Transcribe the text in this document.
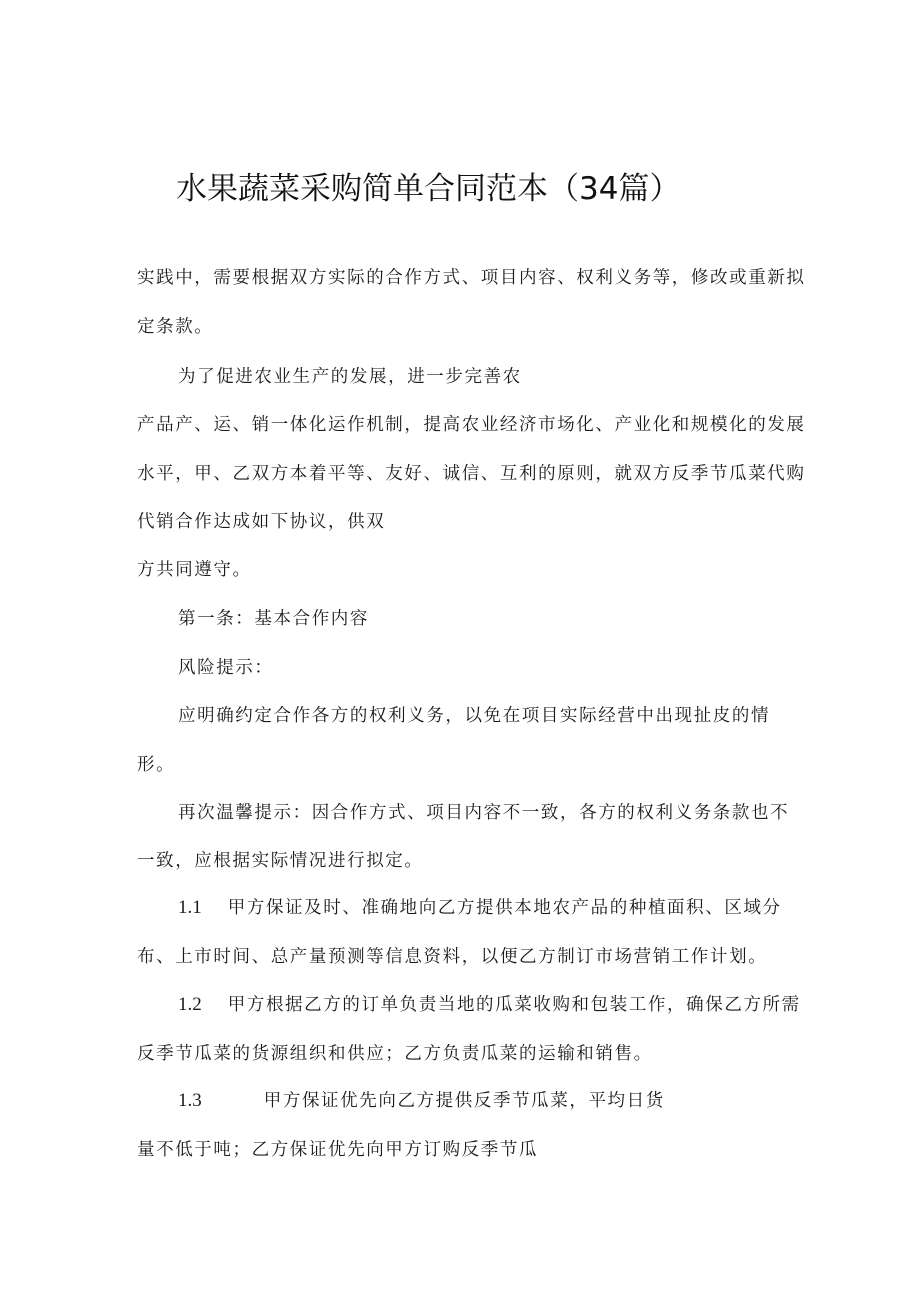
水果蔬菜采购简单合同范本（34篇）
实践中，需要根据双方实际的合作方式、项目内容、权利义务等，修改或重新拟
定条款。
为了促进农业生产的发展，进一步完善农
产品产、运、销一体化运作机制，提高农业经济市场化、产业化和规模化的发展
水平，甲、乙双方本着平等、友好、诚信、互利的原则，就双方反季节瓜菜代购
代销合作达成如下协议，供双
方共同遵守。
第一条：基本合作内容
风险提示：
应明确约定合作各方的权利义务，以免在项目实际经营中出现扯皮的情
形。
再次温馨提示：因合作方式、项目内容不一致，各方的权利义务条款也不
一致，应根据实际情况进行拟定。
1.1 甲方保证及时、准确地向乙方提供本地农产品的种植面积、区域分
布、上市时间、总产量预测等信息资料，以便乙方制订市场营销工作计划。
1.2 甲方根据乙方的订单负责当地的瓜菜收购和包装工作，确保乙方所需
反季节瓜菜的货源组织和供应；乙方负责瓜菜的运输和销售。
1.3	甲方保证优先向乙方提供反季节瓜菜，平均日货
量不低于吨；乙方保证优先向甲方订购反季节瓜
